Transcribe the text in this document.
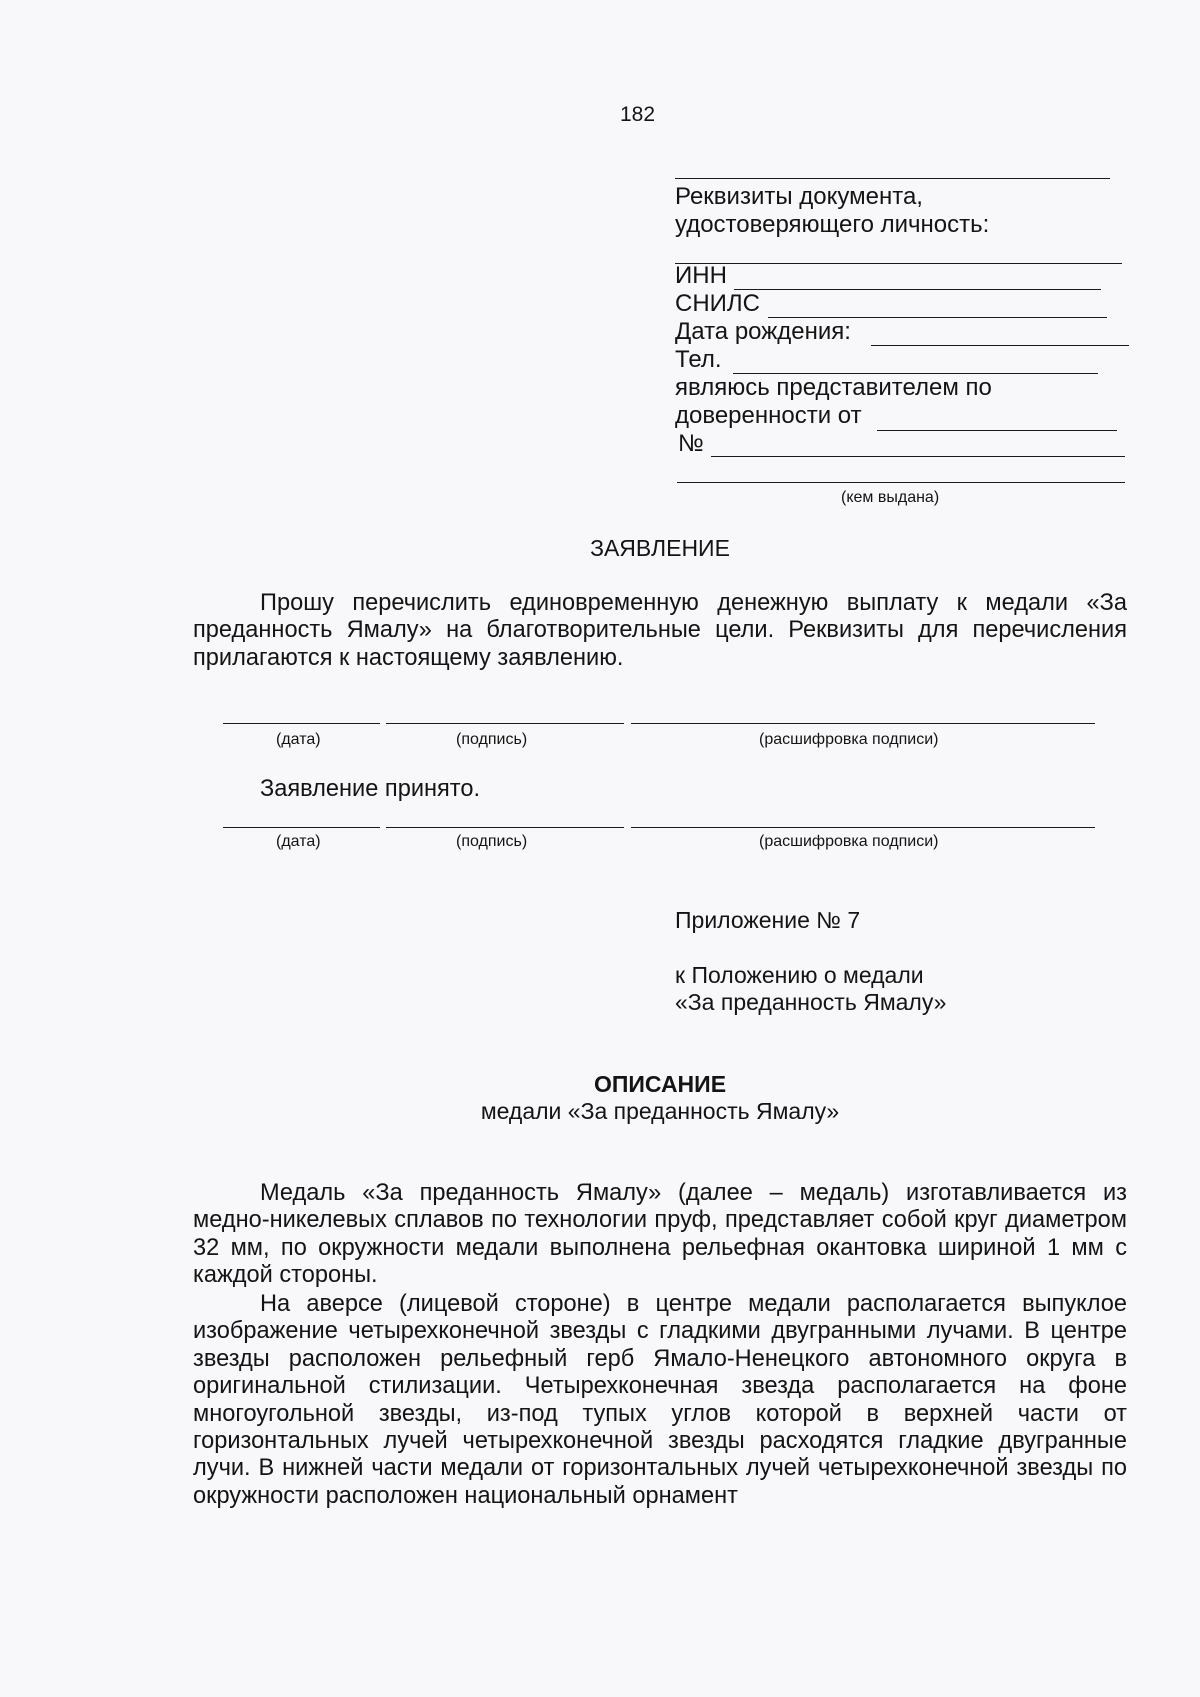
182
Реквизиты документа,
удостоверяющего личность:
ИНН
СНИЛС
Дата рождения:
Тел.
являюсь представителем по
доверенности от
№
(кем выдана)
ЗАЯВЛЕНИЕ
Прошу перечислить единовременную денежную выплату к медали «За преданность Ямалу» на благотворительные цели. Реквизиты для перечисления прилагаются к настоящему заявлению.
(дата)	(подпись)	(расшифровка подписи)
Заявление принято.
(дата)	(подпись)	(расшифровка подписи)
Приложение № 7
к Положению о медали
«За преданность Ямалу»
ОПИСАНИЕ
медали «За преданность Ямалу»
Медаль «За преданность Ямалу» (далее – медаль) изготавливается из медно-никелевых сплавов по технологии пруф, представляет собой круг диаметром 32 мм, по окружности медали выполнена рельефная окантовка шириной 1 мм с каждой стороны.
На аверсе (лицевой стороне) в центре медали располагается выпуклое изображение четырехконечной звезды с гладкими двугранными лучами. В центре звезды расположен рельефный герб Ямало-Ненецкого автономного округа в оригинальной стилизации. Четырехконечная звезда располагается на фоне многоугольной звезды, из-под тупых углов которой в верхней части от горизонтальных лучей четырехконечной звезды расходятся гладкие двугранные лучи. В нижней части медали от горизонтальных лучей четырехконечной звезды по окружности расположен национальный орнамент
